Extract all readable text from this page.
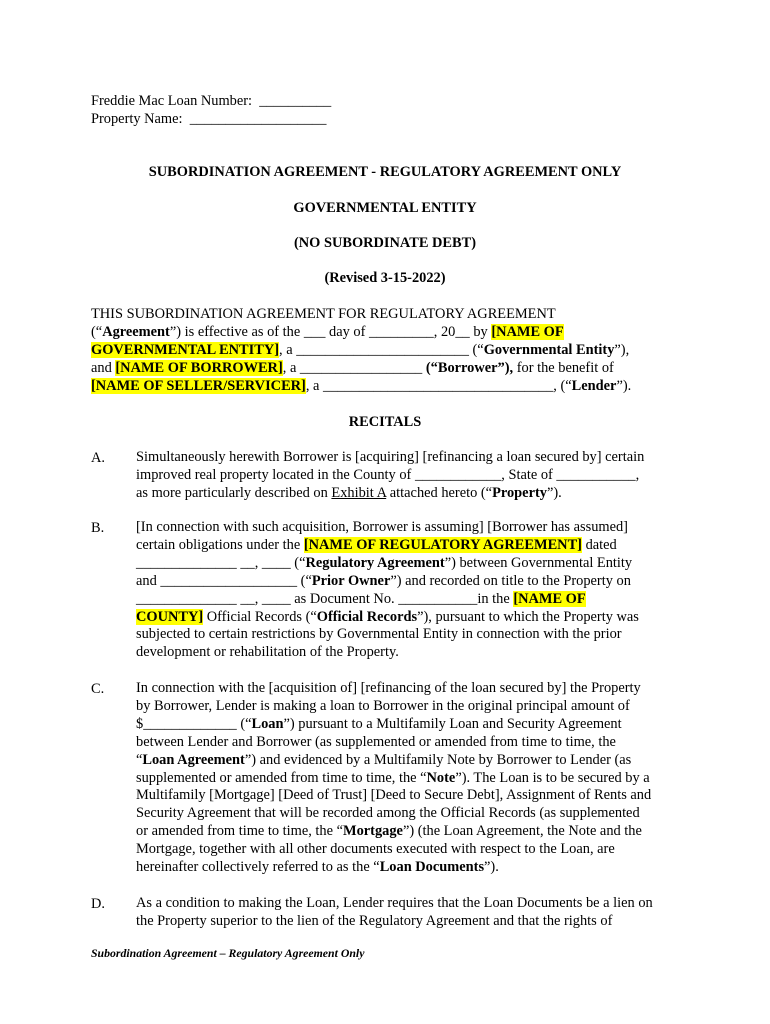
Freddie Mac Loan Number:  __________
Property Name:  ___________________
SUBORDINATION AGREEMENT - REGULATORY AGREEMENT ONLY
GOVERNMENTAL ENTITY
(NO SUBORDINATE DEBT)
(Revised 3-15-2022)
THIS SUBORDINATION AGREEMENT FOR REGULATORY AGREEMENT
(“Agreement”) is effective as of the ___ day of _________, 20__ by [NAME OF
GOVERNMENTAL ENTITY], a ________________________ (“Governmental Entity”),
and [NAME OF BORROWER], a _________________ (“Borrower”), for the benefit of
[NAME OF SELLER/SERVICER], a ________________________________, (“Lender”).
RECITALS
A. Simultaneously herewith Borrower is [acquiring] [refinancing a loan secured by] certain
improved real property located in the County of ____________, State of ___________,
as more particularly described on Exhibit A attached hereto (“Property”).
B. [In connection with such acquisition, Borrower is assuming] [Borrower has assumed]
certain obligations under the [NAME OF REGULATORY AGREEMENT] dated
______________ __, ____ (“Regulatory Agreement”) between Governmental Entity
and ___________________ (“Prior Owner”) and recorded on title to the Property on
______________ __, ____ as Document No. ___________in the [NAME OF
COUNTY] Official Records (“Official Records”), pursuant to which the Property was
subjected to certain restrictions by Governmental Entity in connection with the prior
development or rehabilitation of the Property.
C. In connection with the [acquisition of] [refinancing of the loan secured by] the Property
by Borrower, Lender is making a loan to Borrower in the original principal amount of
$_____________ (“Loan”) pursuant to a Multifamily Loan and Security Agreement
between Lender and Borrower (as supplemented or amended from time to time, the
“Loan Agreement”) and evidenced by a Multifamily Note by Borrower to Lender (as
supplemented or amended from time to time, the “Note”). The Loan is to be secured by a
Multifamily [Mortgage] [Deed of Trust] [Deed to Secure Debt], Assignment of Rents and
Security Agreement that will be recorded among the Official Records (as supplemented
or amended from time to time, the “Mortgage”) (the Loan Agreement, the Note and the
Mortgage, together with all other documents executed with respect to the Loan, are
hereinafter collectively referred to as the “Loan Documents”).
D. As a condition to making the Loan, Lender requires that the Loan Documents be a lien on
the Property superior to the lien of the Regulatory Agreement and that the rights of
Subordination Agreement – Regulatory Agreement Only
